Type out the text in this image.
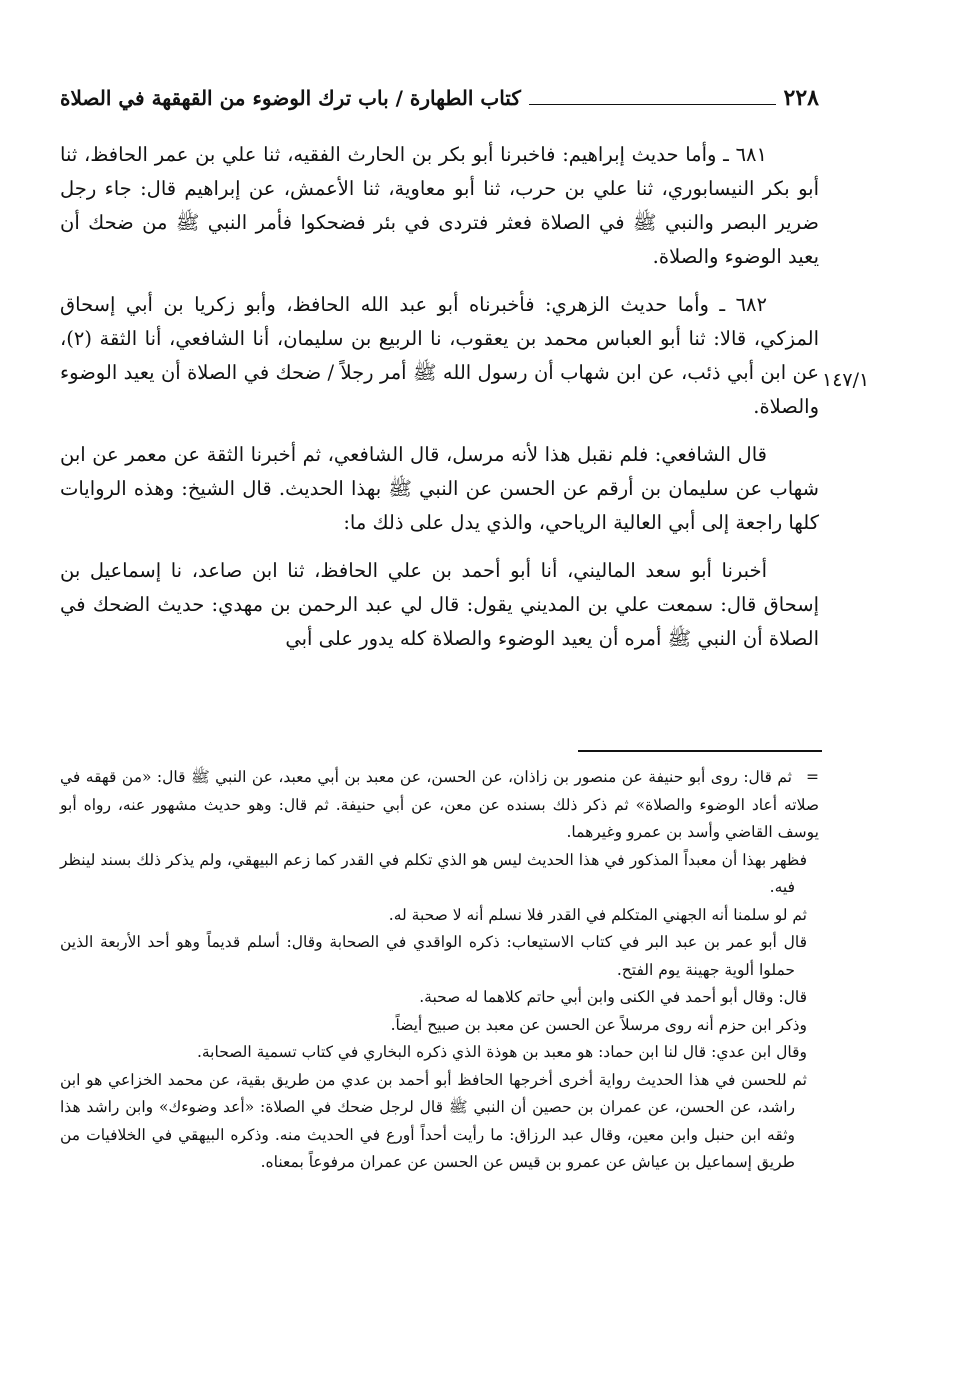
٢٢٨
كتاب الطهارة / باب ترك الوضوء من القهقهة في الصلاة

٦٨١ ـ وأما حديث إبراهيم: فاخبرنا أبو بكر بن الحارث الفقيه، ثنا علي بن عمر الحافظ، ثنا أبو بكر النيسابوري، ثنا علي بن حرب، ثنا أبو معاوية، ثنا الأعمش، عن إبراهيم قال: جاء رجل ضرير البصر والنبي ﷺ في الصلاة فعثر فتردى في بئر فضحكوا فأمر النبي ﷺ من ضحك أن يعيد الوضوء والصلاة.

٦٨٢ ـ وأما حديث الزهري: فأخبرناه أبو عبد الله الحافظ، وأبو زكريا بن أبي إسحاق المزكي، قالا: ثنا أبو العباس محمد بن يعقوب، نا الربيع بن سليمان، أنا الشافعي، أنا الثقة (٢)، عن ابن أبي ذئب، عن ابن شهاب أن رسول الله ﷺ أمر رجلاً / ضحك في الصلاة أن يعيد الوضوء والصلاة.

قال الشافعي: فلم نقبل هذا لأنه مرسل، قال الشافعي، ثم أخبرنا الثقة عن معمر عن ابن شهاب عن سليمان بن أرقم عن الحسن عن النبي ﷺ بهذا الحديث. قال الشيخ: وهذه الروايات كلها راجعة إلى أبي العالية الرياحي، والذي يدل على ذلك ما:

أخبرنا أبو سعد الماليني، أنا أبو أحمد بن علي الحافظ، ثنا ابن صاعد، نا إسماعيل بن إسحاق قال: سمعت علي بن المديني يقول: قال لي عبد الرحمن بن مهدي: حديث الضحك في الصلاة أن النبي ﷺ أمره أن يعيد الوضوء والصلاة كله يدور على أبي

١٤٧/١

=ثم قال: روى أبو حنيفة عن منصور بن زاذان، عن الحسن، عن معبد بن أبي معبد، عن النبي ﷺ قال: «من قهقه في صلاته أعاد الوضوء والصلاة» ثم ذكر ذلك بسنده عن معن، عن أبي حنيفة. ثم قال: وهو حديث مشهور عنه، رواه أبو يوسف القاضي وأسد بن عمرو وغيرهما.

فظهر بهذا أن معبداً المذكور في هذا الحديث ليس هو الذي تكلم في القدر كما زعم البيهقي، ولم يذكر ذلك بسند لينظر فيه.

ثم لو سلمنا أنه الجهني المتكلم في القدر فلا نسلم أنه لا صحبة له.

قال أبو عمر بن عبد البر في كتاب الاستيعاب: ذكره الواقدي في الصحابة وقال: أسلم قديماً وهو أحد الأربعة الذين حملوا ألوية جهينة يوم الفتح.

قال: وقال أبو أحمد في الكنى وابن أبي حاتم كلاهما له صحبة.

وذكر ابن حزم أنه روى مرسلاً عن الحسن عن معبد بن صبيح أيضاً.

وقال ابن عدي: قال لنا ابن حماد: هو معبد بن هوذة الذي ذكره البخاري في كتاب تسمية الصحابة.

ثم للحسن في هذا الحديث رواية أخرى أخرجها الحافظ أبو أحمد بن عدي من طريق بقية، عن محمد الخزاعي هو ابن راشد، عن الحسن، عن عمران بن حصين أن النبي ﷺ قال لرجل ضحك في الصلاة: «أعد وضوءك» وابن راشد هذا وثقه ابن حنبل وابن معين، وقال عبد الرزاق: ما رأيت أحداً أورع في الحديث منه. وذكره البيهقي في الخلافيات من طريق إسماعيل بن عياش عن عمرو بن قيس عن الحسن عن عمران مرفوعاً بمعناه.
